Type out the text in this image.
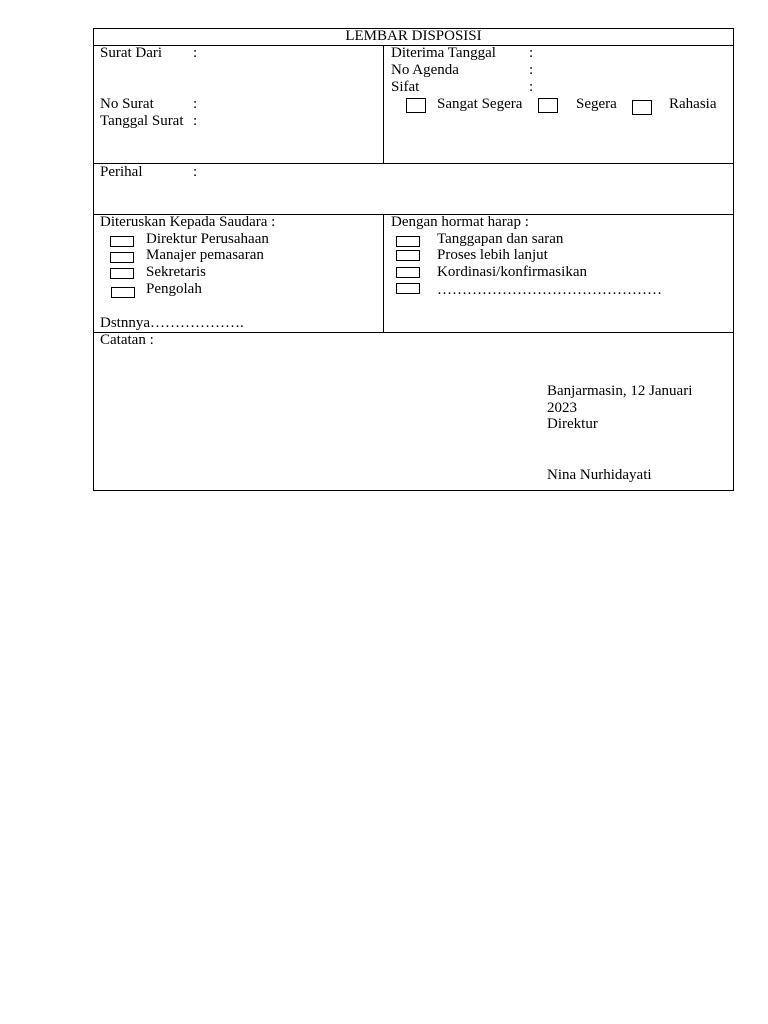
LEMBAR DISPOSISI
Surat Dari :
No Surat	:
Tanggal Surat :
Diterima Tanggal :
No Agenda	:
Sifat	:
Sangat Segera	Segera	Rahasia
Perihal	:
Diteruskan Kepada Saudara :
Direktur Perusahaan
Manajer pemasaran
Sekretaris
Pengolah
Dstnnya……………….
Dengan hormat harap :
Tanggapan dan saran
Proses lebih lanjut
Kordinasi/konfirmasikan
………………………………………
Catatan :
Banjarmasin, 12 Januari
2023
Direktur
Nina Nurhidayati
